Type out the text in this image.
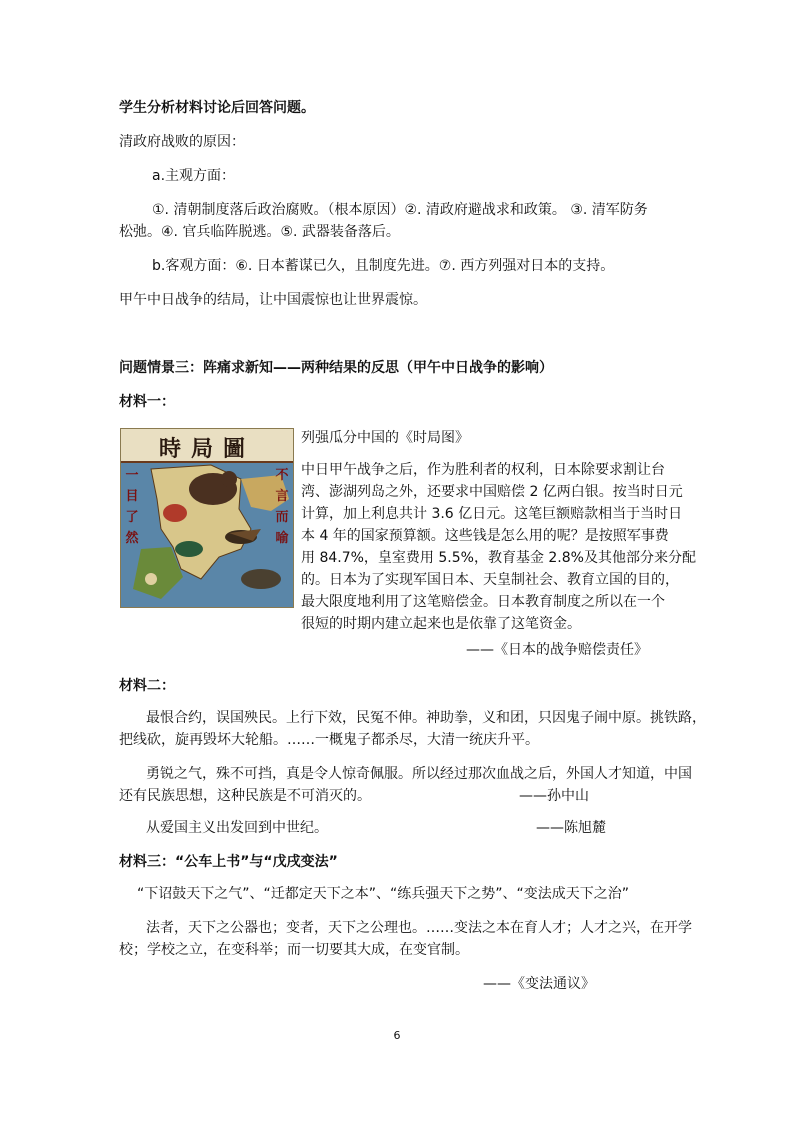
学生分析材料讨论后回答问题。
清政府战败的原因：
a.主观方面：
①. 清朝制度落后政治腐败。（根本原因）②. 清政府避战求和政策。 ③. 清军防务
松弛。④. 官兵临阵脱逃。⑤. 武器装备落后。
b.客观方面：⑥. 日本蓄谋已久，且制度先进。⑦. 西方列强对日本的支持。
甲午中日战争的结局，让中国震惊也让世界震惊。
问题情景三：阵痛求新知——两种结果的反思（甲午中日战争的影响）
材料一：
時局圖
一
目
了
然
不
言
而
喻
列强瓜分中国的《时局图》
中日甲午战争之后，作为胜利者的权利，日本除要求割让台
湾、澎湖列岛之外，还要求中国赔偿 2 亿两白银。按当时日元
计算，加上利息共计 3.6 亿日元。这笔巨额赔款相当于当时日
本 4 年的国家预算额。这些钱是怎么用的呢？是按照军事费
用 84.7%，皇室费用 5.5%，教育基金 2.8%及其他部分来分配
的。日本为了实现军国日本、天皇制社会、教育立国的目的，
最大限度地利用了这笔赔偿金。日本教育制度之所以在一个
很短的时期内建立起来也是依靠了这笔资金。
——《日本的战争赔偿责任》
材料二：
最恨合约，误国殃民。上行下效，民冤不伸。神助拳，义和团，只因鬼子闹中原。挑铁路，
把线砍，旋再毁坏大轮船。……一概鬼子都杀尽，大清一统庆升平。
勇锐之气，殊不可挡，真是令人惊奇佩服。所以经过那次血战之后，外国人才知道，中国
还有民族思想，这种民族是不可消灭的。	——孙中山
从爱国主义出发回到中世纪。	——陈旭麓
材料三：“公车上书”与“戊戌变法”
“下诏鼓天下之气”、“迁都定天下之本”、“练兵强天下之势”、“变法成天下之治”
法者，天下之公器也；变者，天下之公理也。……变法之本在育人才；人才之兴，在开学
校；学校之立，在变科举；而一切要其大成，在变官制。
——《变法通议》
6
